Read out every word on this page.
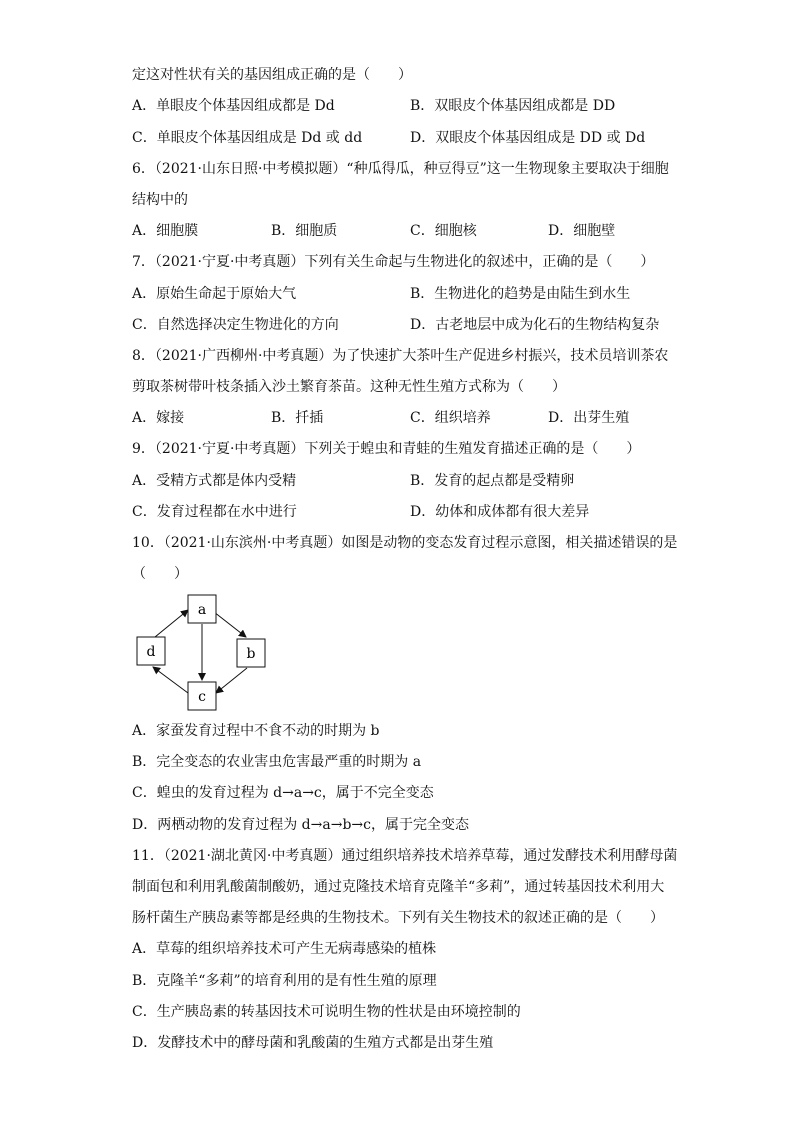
定这对性状有关的基因组成正确的是（　　）
A．单眼皮个体基因组成都是 Dd	B．双眼皮个体基因组成都是 DD
C．单眼皮个体基因组成是 Dd 或 dd	D．双眼皮个体基因组成是 DD 或 Dd
6．（2021·山东日照·中考模拟题）“种瓜得瓜，种豆得豆”这一生物现象主要取决于细胞
结构中的
A．细胞膜	B．细胞质	C．细胞核	D．细胞壁
7．（2021·宁夏·中考真题）下列有关生命起与生物进化的叙述中，正确的是（　　）
A．原始生命起于原始大气	B．生物进化的趋势是由陆生到水生
C．自然选择决定生物进化的方向	D．古老地层中成为化石的生物结构复杂
8．（2021·广西柳州·中考真题）为了快速扩大茶叶生产促进乡村振兴，技术员培训茶农
剪取茶树带叶枝条插入沙土繁育茶苗。这种无性生殖方式称为（　　）
A．嫁接	B．扦插	C．组织培养	D．出芽生殖
9．（2021·宁夏·中考真题）下列关于蝗虫和青蛙的生殖发育描述正确的是（　　）
A．受精方式都是体内受精	B．发育的起点都是受精卵
C．发育过程都在水中进行	D．幼体和成体都有很大差异
10．（2021·山东滨州·中考真题）如图是动物的变态发育过程示意图，相关描述错误的是
（　　）
a
b
c
d
A．家蚕发育过程中不食不动的时期为 b
B．完全变态的农业害虫危害最严重的时期为 a
C．蝗虫的发育过程为 d→a→c，属于不完全变态
D．两栖动物的发育过程为 d→a→b→c，属于完全变态
11．（2021·湖北黄冈·中考真题）通过组织培养技术培养草莓，通过发酵技术利用酵母菌
制面包和利用乳酸菌制酸奶，通过克隆技术培育克隆羊“多莉”，通过转基因技术利用大
肠杆菌生产胰岛素等都是经典的生物技术。下列有关生物技术的叙述正确的是（　　）
A．草莓的组织培养技术可产生无病毒感染的植株
B．克隆羊“多莉”的培育利用的是有性生殖的原理
C．生产胰岛素的转基因技术可说明生物的性状是由环境控制的
D．发酵技术中的酵母菌和乳酸菌的生殖方式都是出芽生殖
